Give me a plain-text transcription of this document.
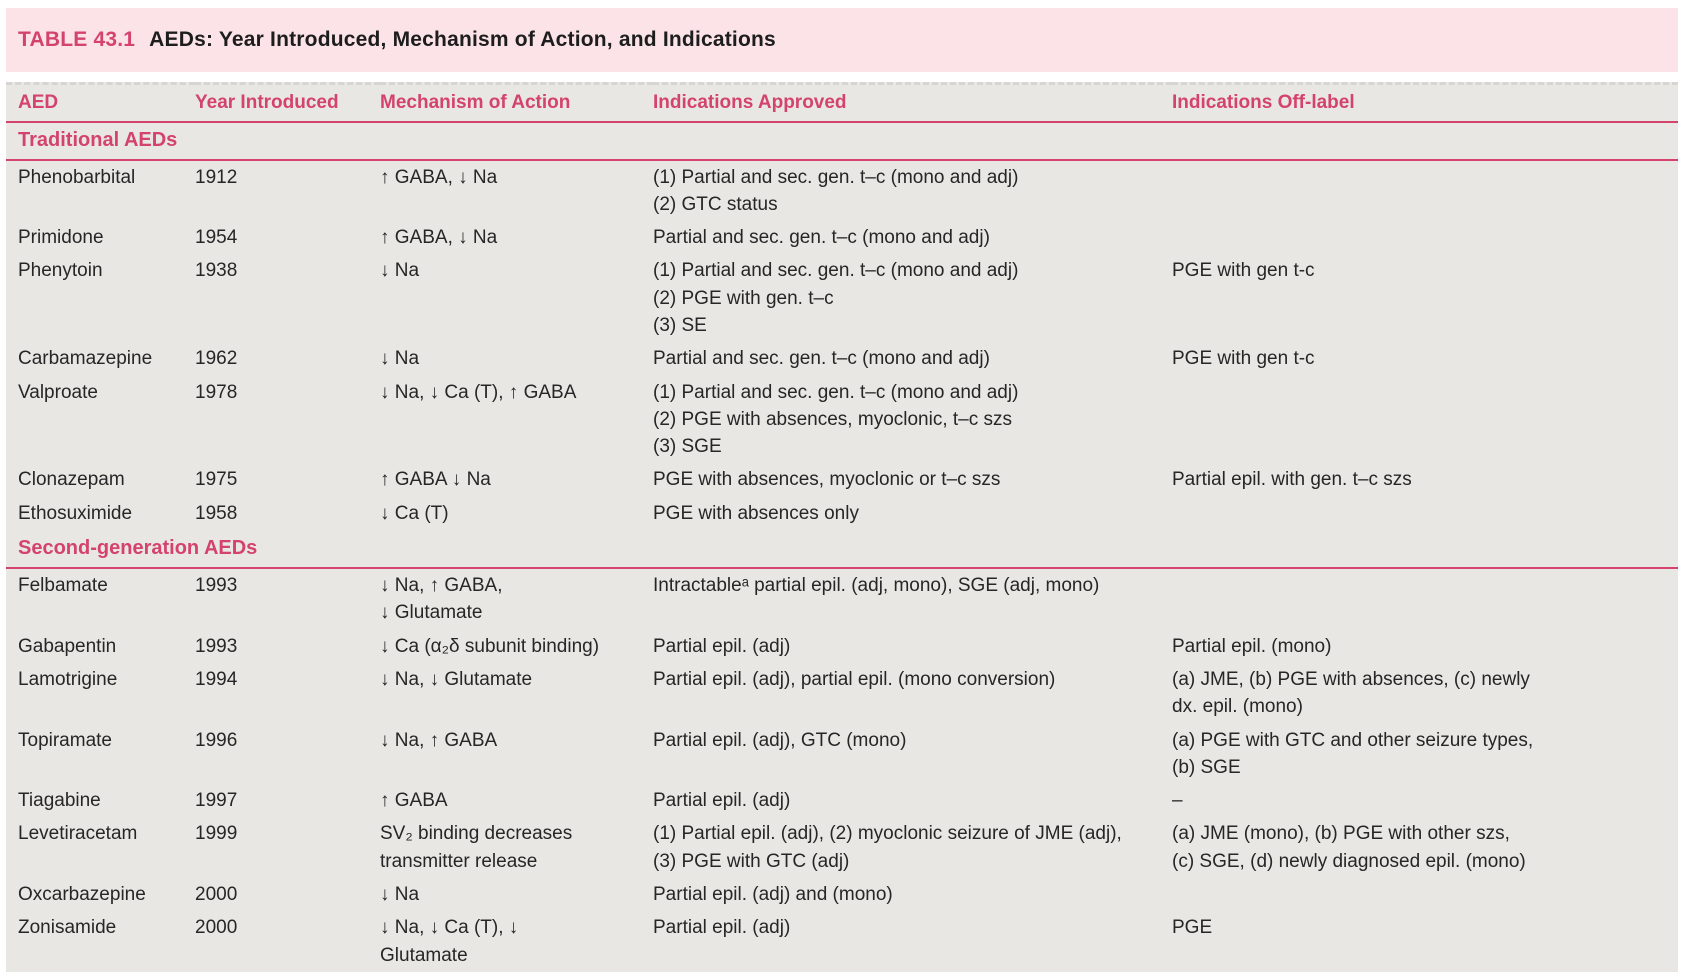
TABLE 43.1 AEDs: Year Introduced, Mechanism of Action, and Indications
AED	Year Introduced	Mechanism of Action	Indications Approved	Indications Off-label
Traditional AEDs				
Phenobarbital	1912	↑ GABA, ↓ Na	(1) Partial and sec. gen. t–c (mono and adj)
(2) GTC status	
Primidone	1954	↑ GABA, ↓ Na	Partial and sec. gen. t–c (mono and adj)	
Phenytoin	1938	↓ Na	(1) Partial and sec. gen. t–c (mono and adj)
(2) PGE with gen. t–c
(3) SE	PGE with gen t-c
Carbamazepine	1962	↓ Na	Partial and sec. gen. t–c (mono and adj)	PGE with gen t-c
Valproate	1978	↓ Na, ↓ Ca (T), ↑ GABA	(1) Partial and sec. gen. t–c (mono and adj)
(2) PGE with absences, myoclonic, t–c szs
(3) SGE	
Clonazepam	1975	↑ GABA ↓ Na	PGE with absences, myoclonic or t–c szs	Partial epil. with gen. t–c szs
Ethosuximide	1958	↓ Ca (T)	PGE with absences only	
Second-generation AEDs				
Felbamate	1993	↓ Na, ↑ GABA,
↓ Glutamate	Intractableᵃ partial epil. (adj, mono), SGE (adj, mono)	
Gabapentin	1993	↓ Ca (α₂δ subunit binding)	Partial epil. (adj)	Partial epil. (mono)
Lamotrigine	1994	↓ Na, ↓ Glutamate	Partial epil. (adj), partial epil. (mono conversion)	(a) JME, (b) PGE with absences, (c) newly
dx. epil. (mono)
Topiramate	1996	↓ Na, ↑ GABA	Partial epil. (adj), GTC (mono)	(a) PGE with GTC and other seizure types,
(b) SGE
Tiagabine	1997	↑ GABA	Partial epil. (adj)	–
Levetiracetam	1999	SV₂ binding decreases
transmitter release	(1) Partial epil. (adj), (2) myoclonic seizure of JME (adj),
(3) PGE with GTC (adj)	(a) JME (mono), (b) PGE with other szs,
(c) SGE, (d) newly diagnosed epil. (mono)
Oxcarbazepine	2000	↓ Na	Partial epil. (adj) and (mono)	
Zonisamide	2000	↓ Na, ↓ Ca (T), ↓
Glutamate	Partial epil. (adj)	PGE
